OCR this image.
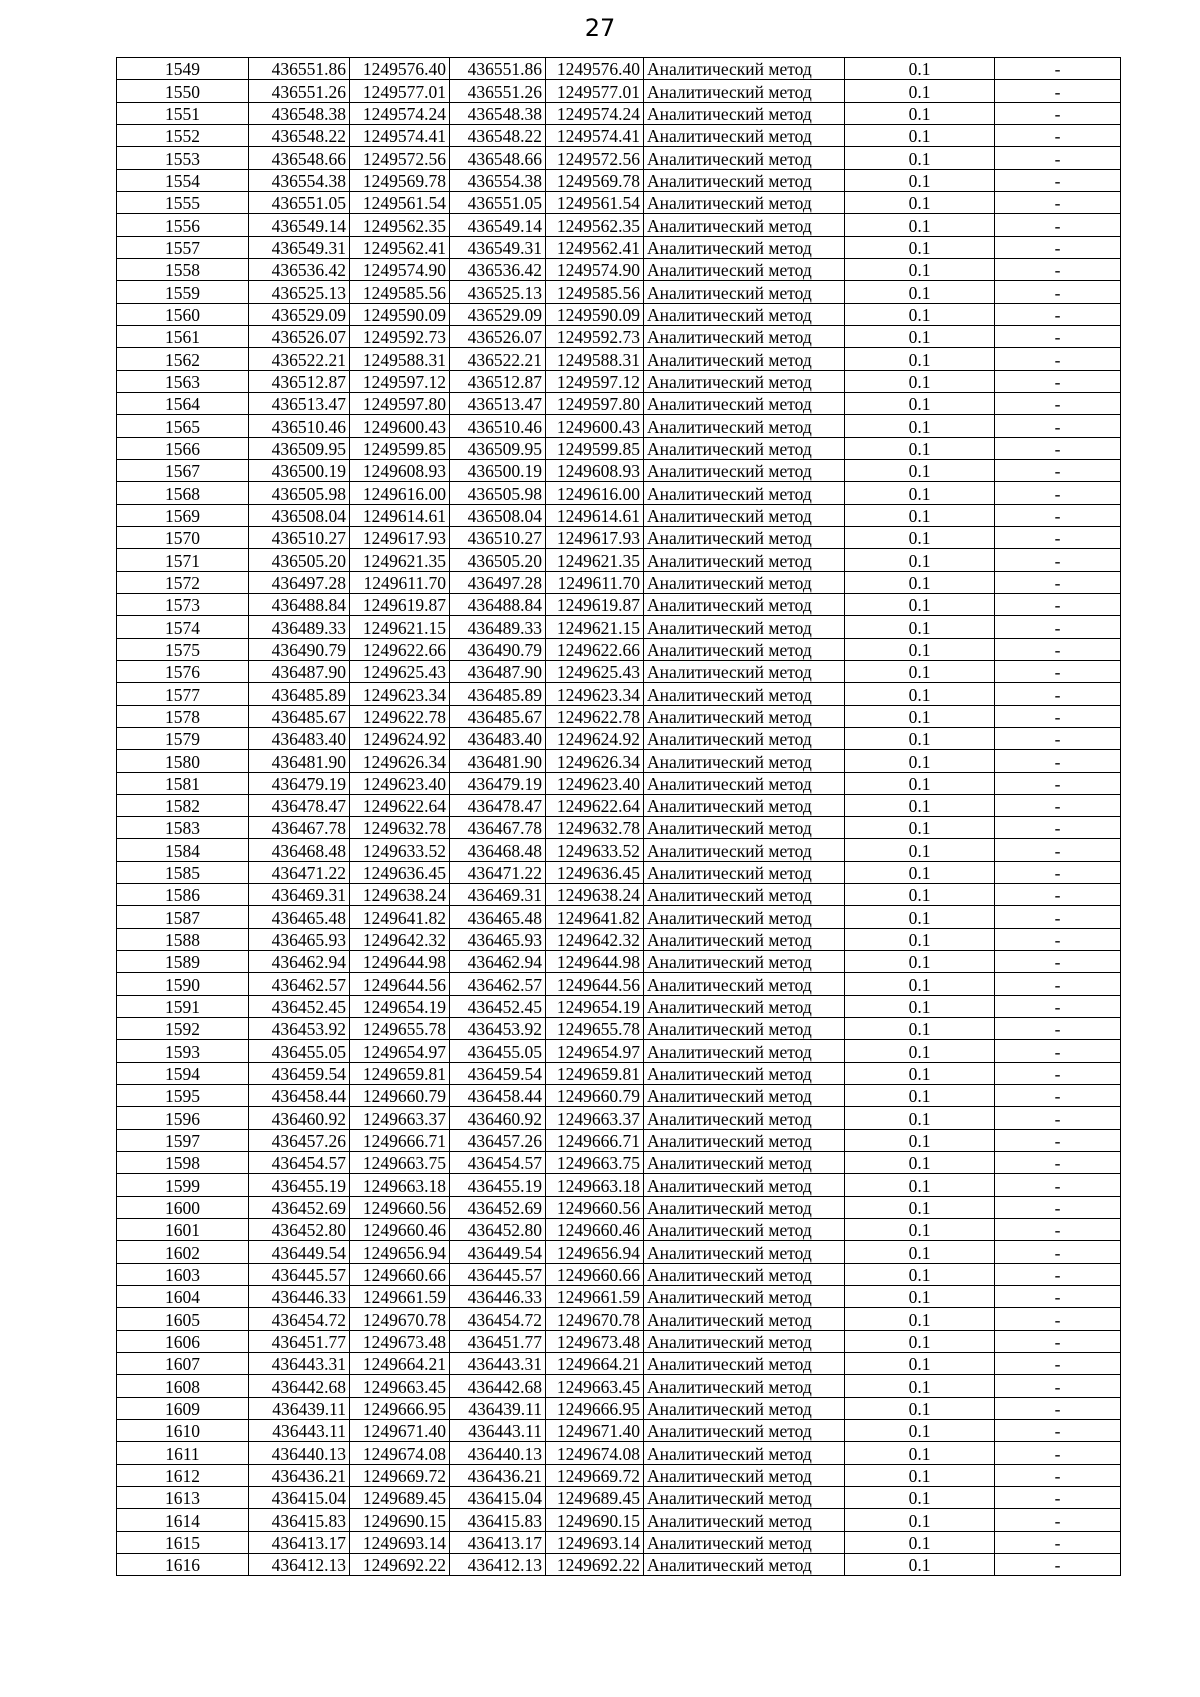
27
1549	436551.86	1249576.40	436551.86	1249576.40	Аналитический метод	0.1	-
1550	436551.26	1249577.01	436551.26	1249577.01	Аналитический метод	0.1	-
1551	436548.38	1249574.24	436548.38	1249574.24	Аналитический метод	0.1	-
1552	436548.22	1249574.41	436548.22	1249574.41	Аналитический метод	0.1	-
1553	436548.66	1249572.56	436548.66	1249572.56	Аналитический метод	0.1	-
1554	436554.38	1249569.78	436554.38	1249569.78	Аналитический метод	0.1	-
1555	436551.05	1249561.54	436551.05	1249561.54	Аналитический метод	0.1	-
1556	436549.14	1249562.35	436549.14	1249562.35	Аналитический метод	0.1	-
1557	436549.31	1249562.41	436549.31	1249562.41	Аналитический метод	0.1	-
1558	436536.42	1249574.90	436536.42	1249574.90	Аналитический метод	0.1	-
1559	436525.13	1249585.56	436525.13	1249585.56	Аналитический метод	0.1	-
1560	436529.09	1249590.09	436529.09	1249590.09	Аналитический метод	0.1	-
1561	436526.07	1249592.73	436526.07	1249592.73	Аналитический метод	0.1	-
1562	436522.21	1249588.31	436522.21	1249588.31	Аналитический метод	0.1	-
1563	436512.87	1249597.12	436512.87	1249597.12	Аналитический метод	0.1	-
1564	436513.47	1249597.80	436513.47	1249597.80	Аналитический метод	0.1	-
1565	436510.46	1249600.43	436510.46	1249600.43	Аналитический метод	0.1	-
1566	436509.95	1249599.85	436509.95	1249599.85	Аналитический метод	0.1	-
1567	436500.19	1249608.93	436500.19	1249608.93	Аналитический метод	0.1	-
1568	436505.98	1249616.00	436505.98	1249616.00	Аналитический метод	0.1	-
1569	436508.04	1249614.61	436508.04	1249614.61	Аналитический метод	0.1	-
1570	436510.27	1249617.93	436510.27	1249617.93	Аналитический метод	0.1	-
1571	436505.20	1249621.35	436505.20	1249621.35	Аналитический метод	0.1	-
1572	436497.28	1249611.70	436497.28	1249611.70	Аналитический метод	0.1	-
1573	436488.84	1249619.87	436488.84	1249619.87	Аналитический метод	0.1	-
1574	436489.33	1249621.15	436489.33	1249621.15	Аналитический метод	0.1	-
1575	436490.79	1249622.66	436490.79	1249622.66	Аналитический метод	0.1	-
1576	436487.90	1249625.43	436487.90	1249625.43	Аналитический метод	0.1	-
1577	436485.89	1249623.34	436485.89	1249623.34	Аналитический метод	0.1	-
1578	436485.67	1249622.78	436485.67	1249622.78	Аналитический метод	0.1	-
1579	436483.40	1249624.92	436483.40	1249624.92	Аналитический метод	0.1	-
1580	436481.90	1249626.34	436481.90	1249626.34	Аналитический метод	0.1	-
1581	436479.19	1249623.40	436479.19	1249623.40	Аналитический метод	0.1	-
1582	436478.47	1249622.64	436478.47	1249622.64	Аналитический метод	0.1	-
1583	436467.78	1249632.78	436467.78	1249632.78	Аналитический метод	0.1	-
1584	436468.48	1249633.52	436468.48	1249633.52	Аналитический метод	0.1	-
1585	436471.22	1249636.45	436471.22	1249636.45	Аналитический метод	0.1	-
1586	436469.31	1249638.24	436469.31	1249638.24	Аналитический метод	0.1	-
1587	436465.48	1249641.82	436465.48	1249641.82	Аналитический метод	0.1	-
1588	436465.93	1249642.32	436465.93	1249642.32	Аналитический метод	0.1	-
1589	436462.94	1249644.98	436462.94	1249644.98	Аналитический метод	0.1	-
1590	436462.57	1249644.56	436462.57	1249644.56	Аналитический метод	0.1	-
1591	436452.45	1249654.19	436452.45	1249654.19	Аналитический метод	0.1	-
1592	436453.92	1249655.78	436453.92	1249655.78	Аналитический метод	0.1	-
1593	436455.05	1249654.97	436455.05	1249654.97	Аналитический метод	0.1	-
1594	436459.54	1249659.81	436459.54	1249659.81	Аналитический метод	0.1	-
1595	436458.44	1249660.79	436458.44	1249660.79	Аналитический метод	0.1	-
1596	436460.92	1249663.37	436460.92	1249663.37	Аналитический метод	0.1	-
1597	436457.26	1249666.71	436457.26	1249666.71	Аналитический метод	0.1	-
1598	436454.57	1249663.75	436454.57	1249663.75	Аналитический метод	0.1	-
1599	436455.19	1249663.18	436455.19	1249663.18	Аналитический метод	0.1	-
1600	436452.69	1249660.56	436452.69	1249660.56	Аналитический метод	0.1	-
1601	436452.80	1249660.46	436452.80	1249660.46	Аналитический метод	0.1	-
1602	436449.54	1249656.94	436449.54	1249656.94	Аналитический метод	0.1	-
1603	436445.57	1249660.66	436445.57	1249660.66	Аналитический метод	0.1	-
1604	436446.33	1249661.59	436446.33	1249661.59	Аналитический метод	0.1	-
1605	436454.72	1249670.78	436454.72	1249670.78	Аналитический метод	0.1	-
1606	436451.77	1249673.48	436451.77	1249673.48	Аналитический метод	0.1	-
1607	436443.31	1249664.21	436443.31	1249664.21	Аналитический метод	0.1	-
1608	436442.68	1249663.45	436442.68	1249663.45	Аналитический метод	0.1	-
1609	436439.11	1249666.95	436439.11	1249666.95	Аналитический метод	0.1	-
1610	436443.11	1249671.40	436443.11	1249671.40	Аналитический метод	0.1	-
1611	436440.13	1249674.08	436440.13	1249674.08	Аналитический метод	0.1	-
1612	436436.21	1249669.72	436436.21	1249669.72	Аналитический метод	0.1	-
1613	436415.04	1249689.45	436415.04	1249689.45	Аналитический метод	0.1	-
1614	436415.83	1249690.15	436415.83	1249690.15	Аналитический метод	0.1	-
1615	436413.17	1249693.14	436413.17	1249693.14	Аналитический метод	0.1	-
1616	436412.13	1249692.22	436412.13	1249692.22	Аналитический метод	0.1	-
